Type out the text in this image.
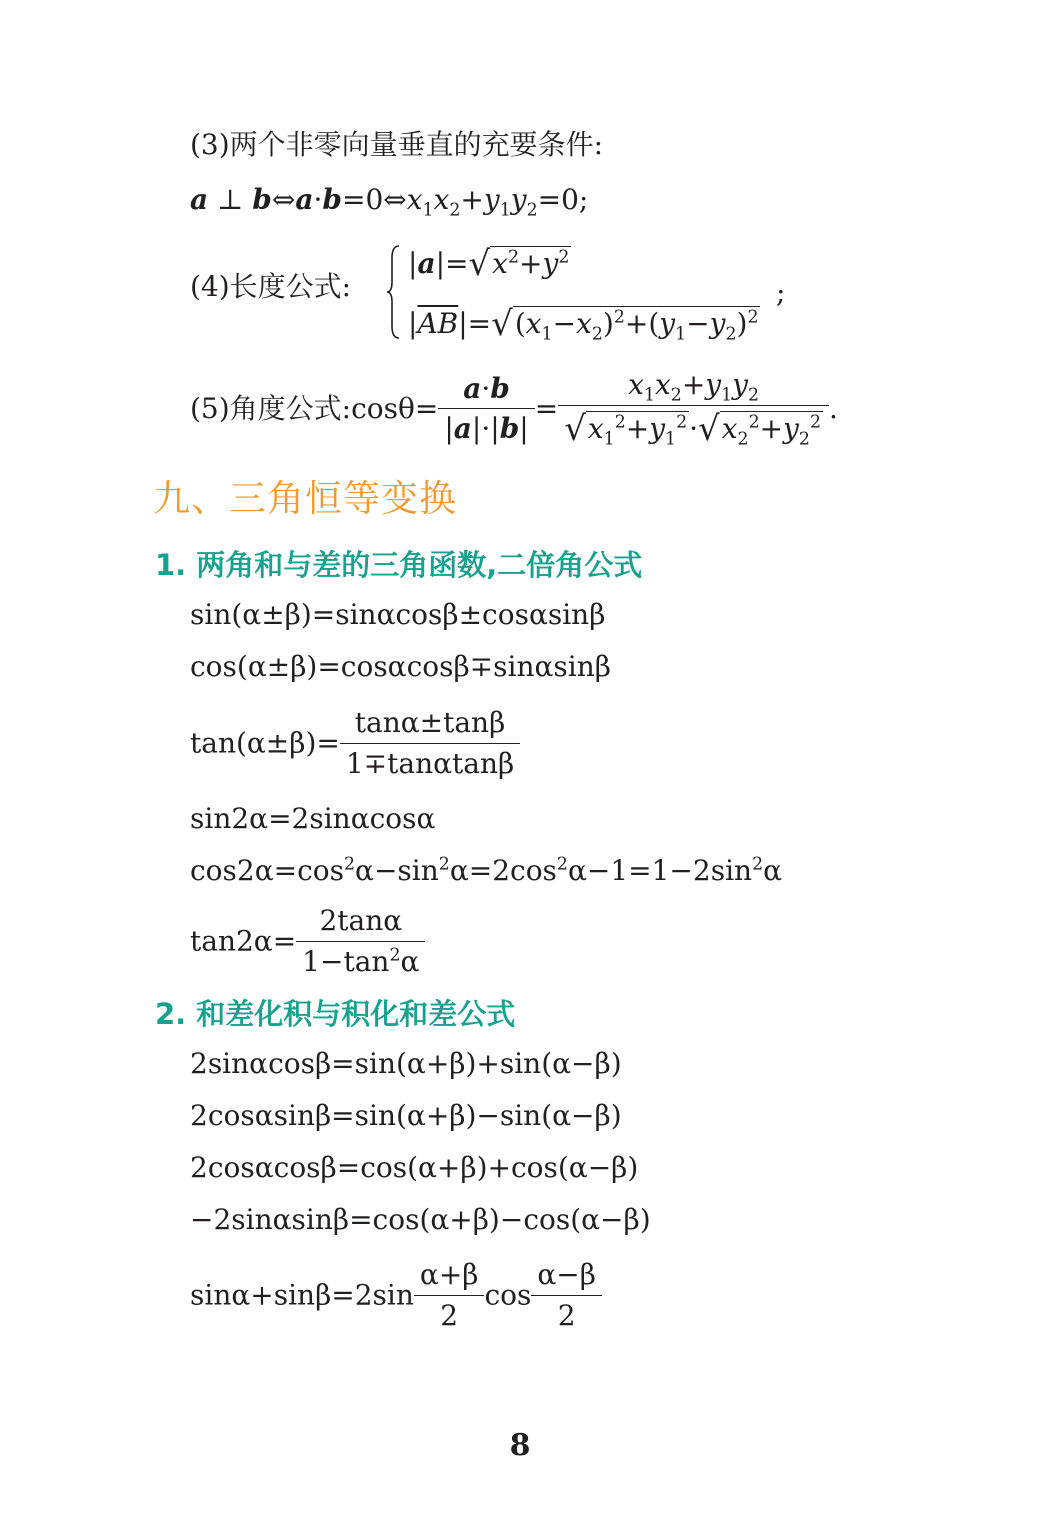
(3)两个非零向量垂直的充要条件:
a ⊥ $b\Leftrightarrow a\cdot b=0\Leftrightarrow x_1x_2+y_1y_2=0$;
(4)长度公式:
$|a|=√x^2+y^2$
$|\overline{AB}|=√(x_1-x_2)^2+(y_1-y_2)^2$
;
(5)角度公式:cosθ= $\frac{a\cdot b}{|a|\cdot|b|} = \frac{x_1x_2+y_1y_2}{√x_1^2+y_1^2\cdot√x_2^2+y_2^2}$ .
九、三角恒等变换
1. 两角和与差的三角函数,二倍角公式
sin(α±β)=sinαcosβ±cosαsinβ
cos(α±β)=cosαcosβ∓sinαsinβ
$\tan(\alpha\pm\beta)= \frac{\tan\alpha\pm\tan\beta}{1\mp\tan\alpha\tan\beta}$
sin2α=2sinαcosα
$\cos 2\alpha=\cos^2\alpha-\sin^2\alpha=2\cos^2\alpha-1=1-2\sin^2\alpha$
$\tan 2\alpha= \frac{2\tan\alpha}{1-\tan^2\alpha}$
2. 和差化积与积化和差公式
2sinαcosβ=sin(α+β)+sin(α−β)
2cosαsinβ=sin(α+β)−sin(α−β)
2cosαcosβ=cos(α+β)+cos(α−β)
−2sinαsinβ=cos(α+β)−cos(α−β)
$\sin\alpha+\sin\beta=2\sin \frac{\alpha+\beta}{2}$ $\cos \frac{\alpha-\beta}{2}$
8
